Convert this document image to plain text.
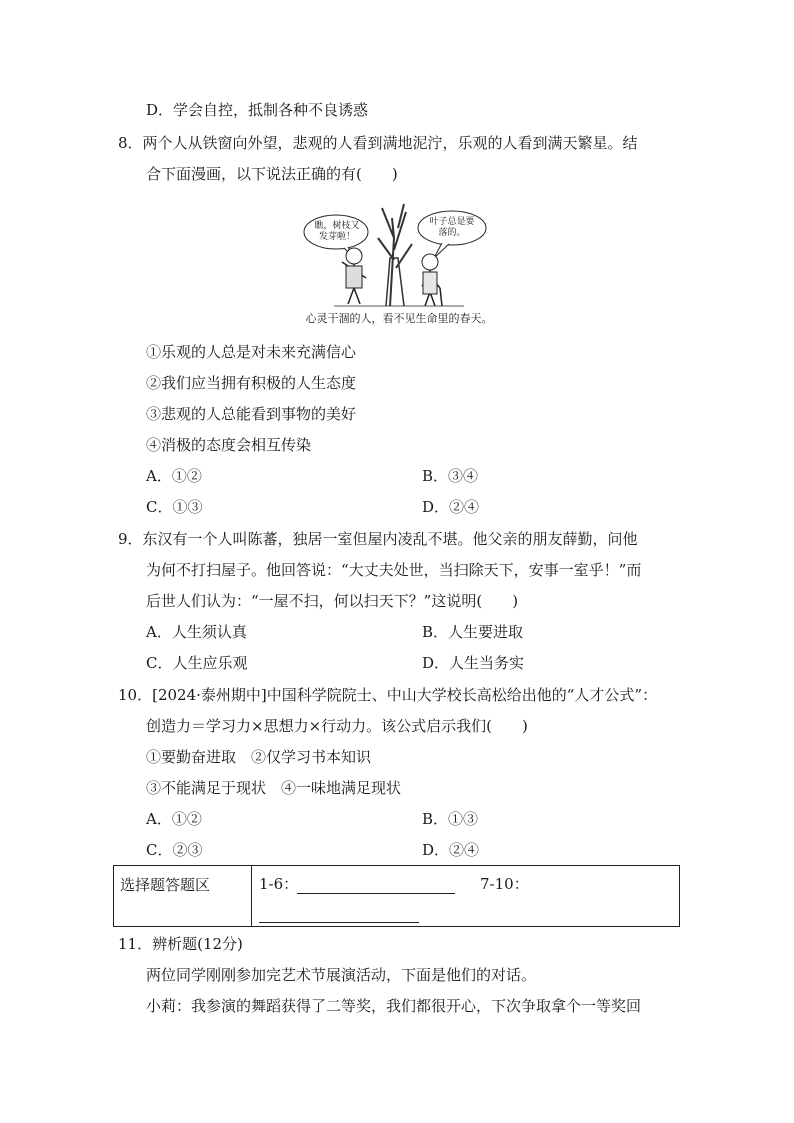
D．学会自控，抵制各种不良诱惑
8．两个人从铁窗向外望，悲观的人看到满地泥泞，乐观的人看到满天繁星。结
合下面漫画，以下说法正确的有(　　)
瞧，树枝又
发芽啦！
叶子总是要
落的。
心灵干涸的人，看不见生命里的春天。
①乐观的人总是对未来充满信心
②我们应当拥有积极的人生态度
③悲观的人总能看到事物的美好
④消极的态度会相互传染
A．①②	B．③④
C．①③	D．②④
9．东汉有一个人叫陈蕃，独居一室但屋内凌乱不堪。他父亲的朋友薛勤，问他
为何不打扫屋子。他回答说：“大丈夫处世，当扫除天下，安事一室乎！”而
后世人们认为：“一屋不扫，何以扫天下？”这说明(　　)
A．人生须认真	B．人生要进取
C．人生应乐观	D．人生当务实
10．[2024·泰州期中]中国科学院院士、中山大学校长高松给出他的“人才公式”：
创造力＝学习力×思想力×行动力。该公式启示我们(　　)
①要勤奋进取　②仅学习书本知识
③不能满足于现状　④一味地满足现状
A．①②	B．①③
C．②③	D．②④
选择题答题区	1-6：	7-10：
11．辨析题(12分)
两位同学刚刚参加完艺术节展演活动，下面是他们的对话。
小莉：我参演的舞蹈获得了二等奖，我们都很开心，下次争取拿个一等奖回
